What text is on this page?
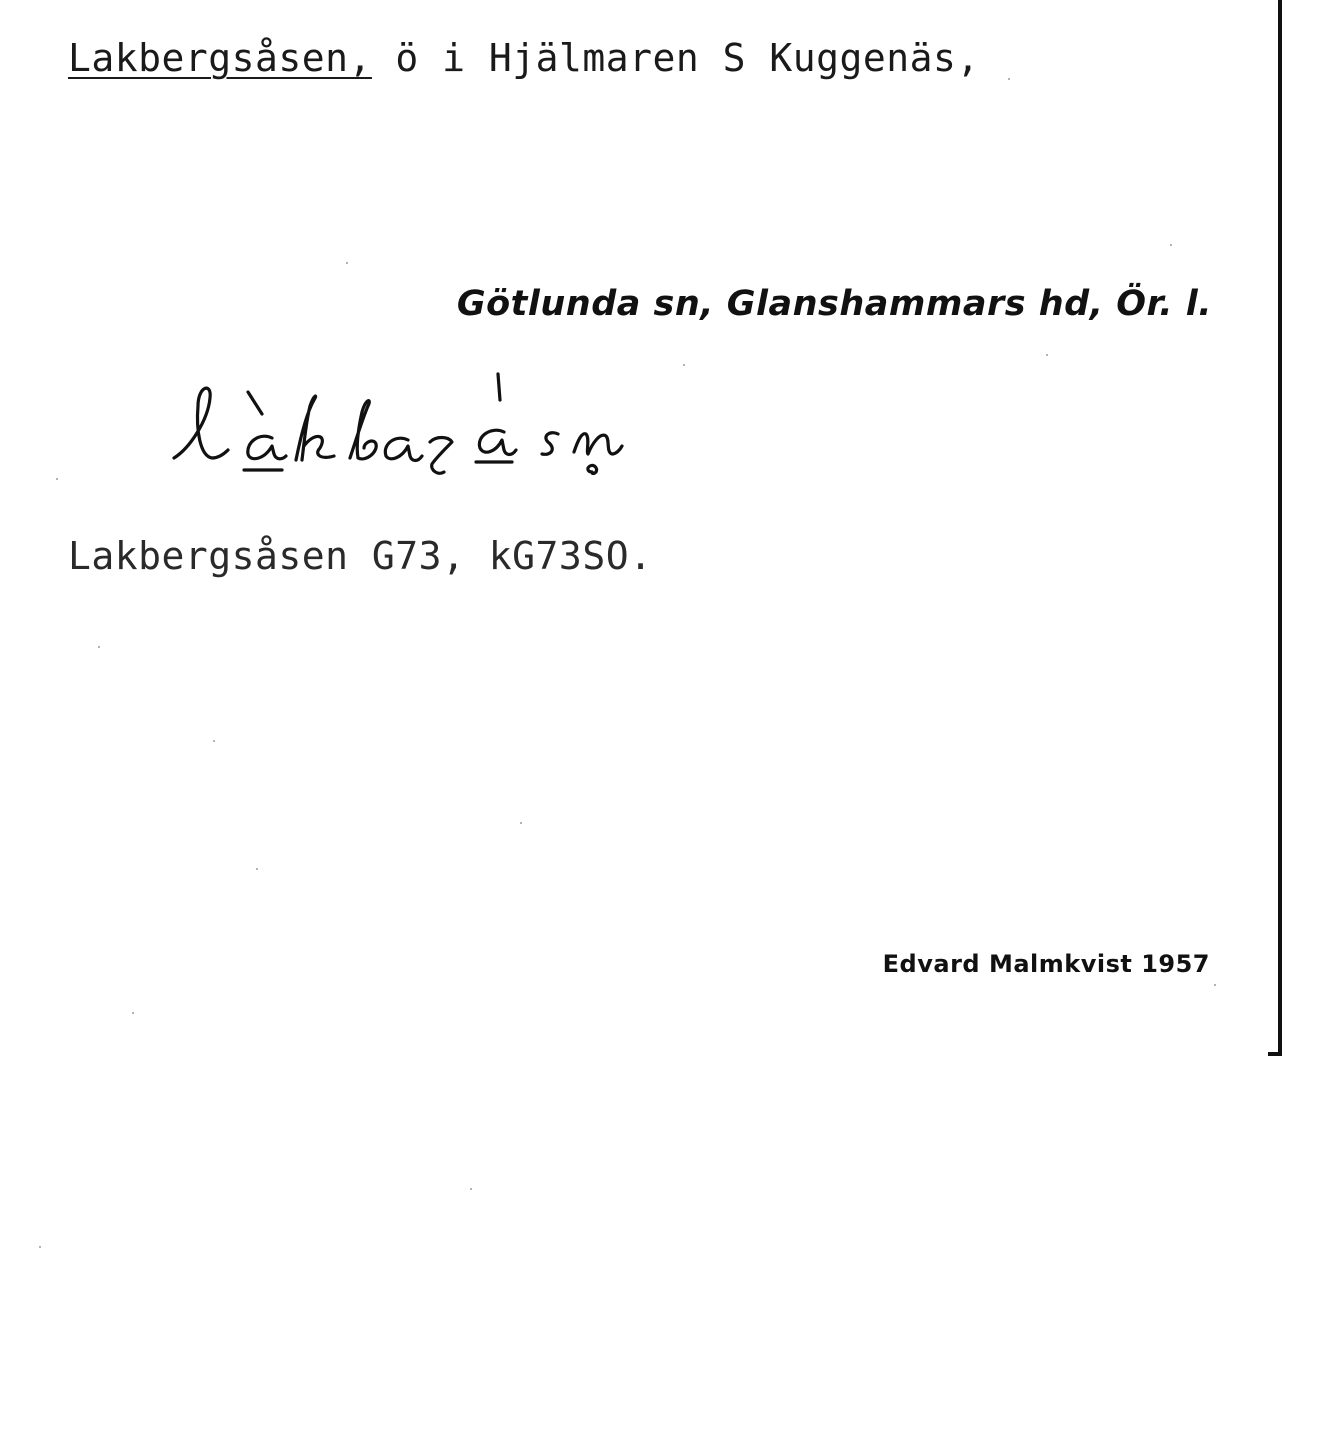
Lakbergsåsen, ö i Hjälmaren S Kuggenäs,
Götlunda sn, Glanshammars hd, Ör. l.
Lakbergsåsen G73, kG73SO.
Edvard Malmkvist 1957
